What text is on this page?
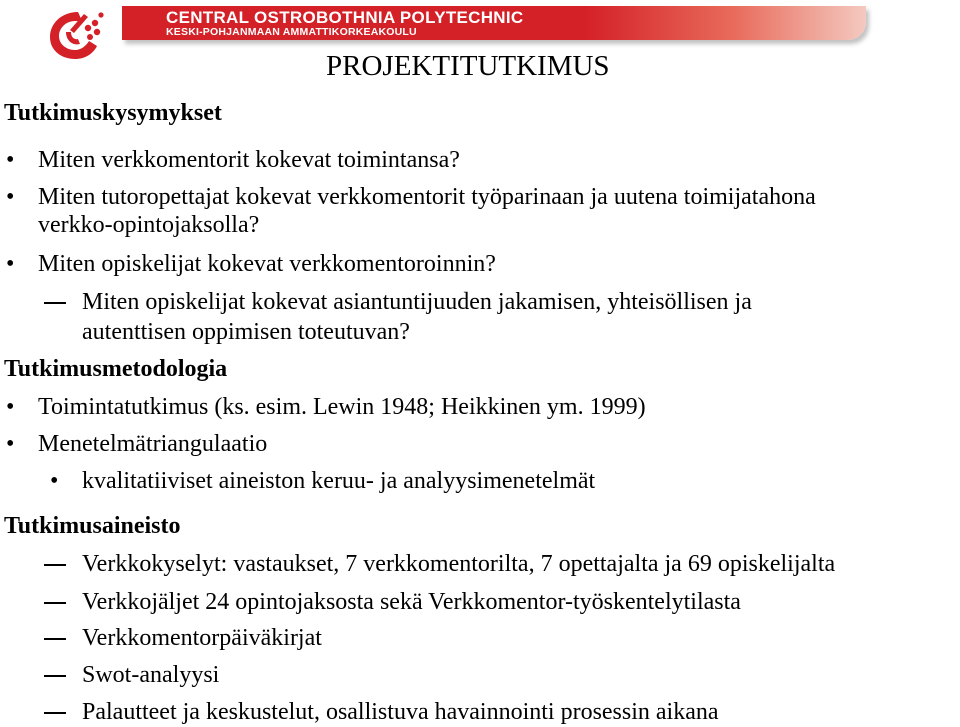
CENTRAL OSTROBOTHNIA POLYTECHNIC
KESKI-POHJANMAAN AMMATTIKORKEAKOULU
PROJEKTITUTKIMUS
Tutkimuskysymykset
• Miten verkkomentorit kokevat toimintansa?
• Miten tutoropettajat kokevat verkkomentorit työparinaan ja uutena toimijatahona
verkko-opintojaksolla?
• Miten opiskelijat kokevat verkkomentoroinnin?
Miten opiskelijat kokevat asiantuntijuuden jakamisen, yhteisöllisen ja
autenttisen oppimisen toteutuvan?
Tutkimusmetodologia
• Toimintatutkimus (ks. esim. Lewin 1948; Heikkinen ym. 1999)
• Menetelmätriangulaatio
• kvalitatiiviset aineiston keruu- ja analyysimenetelmät
Tutkimusaineisto
Verkkokyselyt: vastaukset, 7 verkkomentorilta, 7 opettajalta ja 69 opiskelijalta
Verkkojäljet 24 opintojaksosta sekä Verkkomentor-työskentelytilasta
Verkkomentorpäiväkirjat
Swot-analyysi
Palautteet ja keskustelut, osallistuva havainnointi prosessin aikana
